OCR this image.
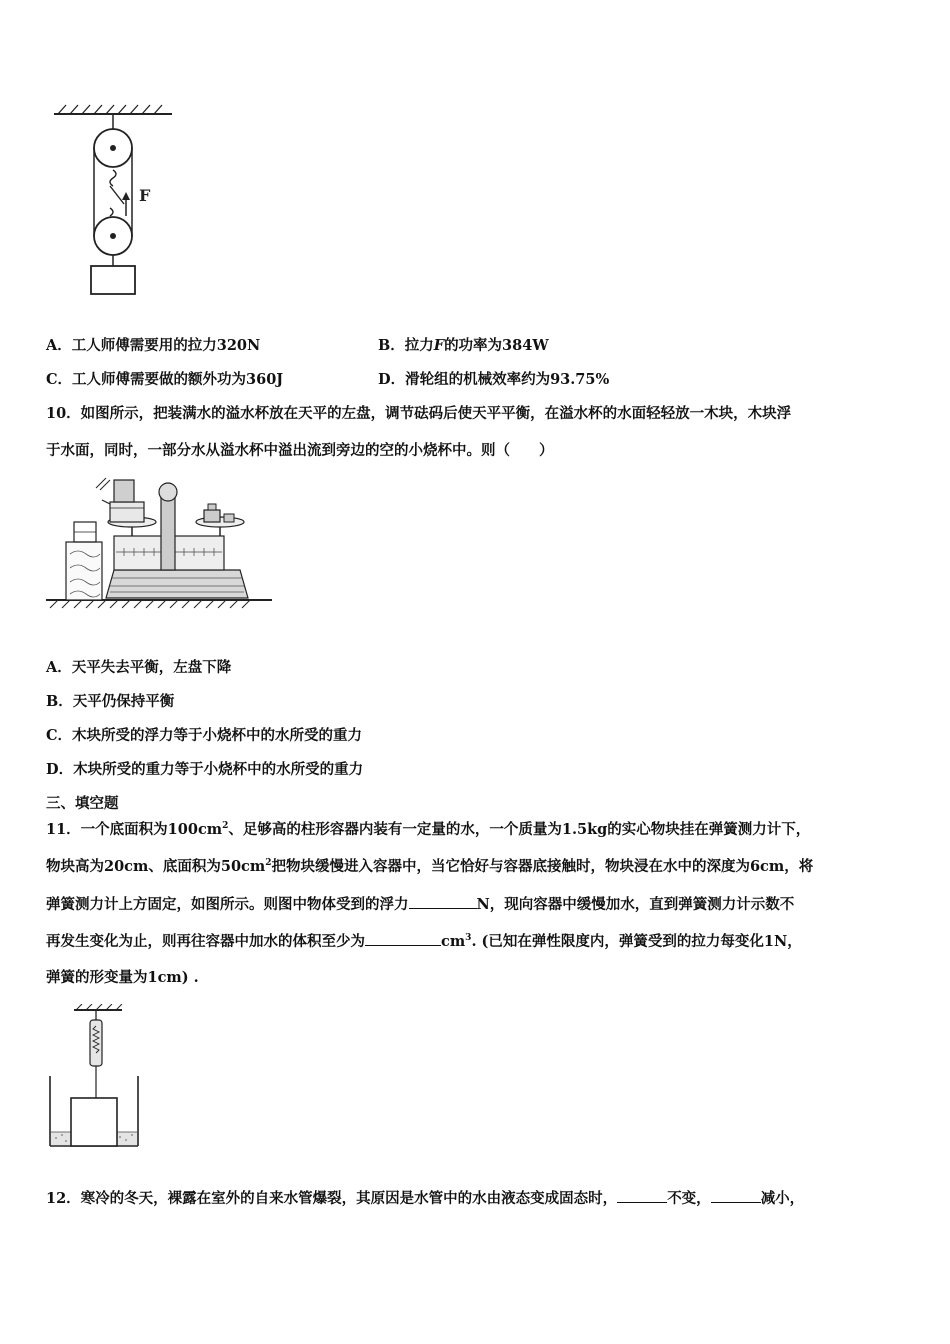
F
A．工人师傅需要用的拉力320N	B．拉力F的功率为384W
C．工人师傅需要做的额外功为360J	D．滑轮组的机械效率约为93.75%
10．如图所示，把装满水的溢水杯放在天平的左盘，调节砝码后使天平平衡，在溢水杯的水面轻轻放一木块，木块浮
于水面，同时，一部分水从溢水杯中溢出流到旁边的空的小烧杯中。则（　　）
A．天平失去平衡，左盘下降
B．天平仍保持平衡
C．木块所受的浮力等于小烧杯中的水所受的重力
D．木块所受的重力等于小烧杯中的水所受的重力
三、填空题
11．一个底面积为$100cm^2$、足够高的柱形容器内装有一定量的水，一个质量为1.5kg的实心物块挂在弹簧测力计下，
物块高为20cm、底面积为$50cm^2$把物块缓慢进入容器中，当它恰好与容器底接触时，物块浸在水中的深度为6cm，将
弹簧测力计上方固定，如图所示。则图中物体受到的浮力	N，现向容器中缓慢加水，直到弹簧测力计示数不
再发生变化为止，则再往容器中加水的体积至少为	$cm^3$. (已知在弹性限度内，弹簧受到的拉力每变化1N，
弹簧的形变量为1cm) .
12．寒冷的冬天，裸露在室外的自来水管爆裂，其原因是水管中的水由液态变成固态时，	不变，	减小，
